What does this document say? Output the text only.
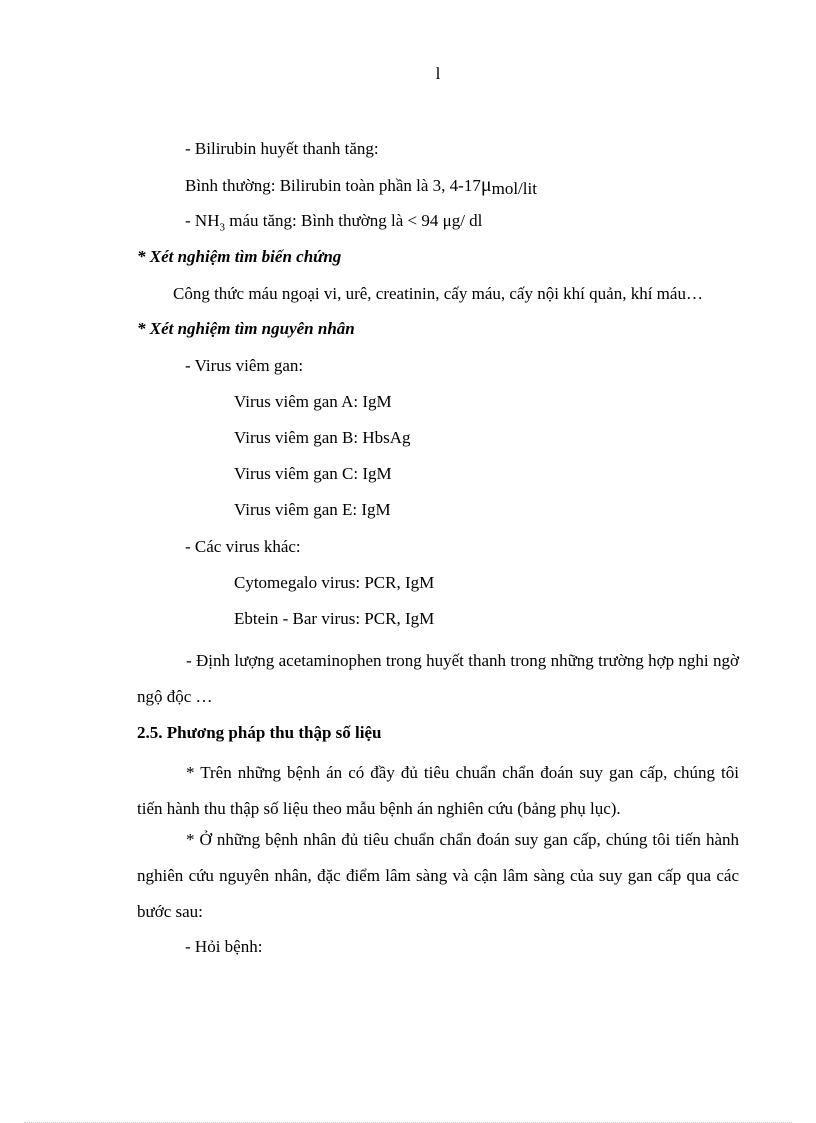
l
- Bilirubin huyết thanh tăng:
Bình thường: Bilirubin toàn phần là 3, 4-17μmol/lit
- $NH_3$ máu tăng: Bình thường là < 94 μg/ dl
* Xét nghiệm tìm biến chứng
Công thức máu ngoại vi, urê, creatinin, cấy máu, cấy nội khí quản, khí máu…
* Xét nghiệm tìm nguyên nhân
- Virus viêm gan:
Virus viêm gan A: IgM
Virus viêm gan B: HbsAg
Virus viêm gan C: IgM
Virus viêm gan E: IgM
- Các virus khác:
Cytomegalo virus: PCR, IgM
Ebtein - Bar virus: PCR, IgM
- Định lượng acetaminophen trong huyết thanh trong những trường hợp nghi ngờ ngộ độc …
2.5. Phương pháp thu thập số liệu
* Trên những bệnh án có đầy đủ tiêu chuẩn chẩn đoán suy gan cấp, chúng tôi tiến hành thu thập số liệu theo mẫu bệnh án nghiên cứu (bảng phụ lục).
* Ở những bệnh nhân đủ tiêu chuẩn chẩn đoán suy gan cấp, chúng tôi tiến hành nghiên cứu nguyên nhân, đặc điểm lâm sàng và cận lâm sàng của suy gan cấp qua các bước sau:
- Hỏi bệnh:
